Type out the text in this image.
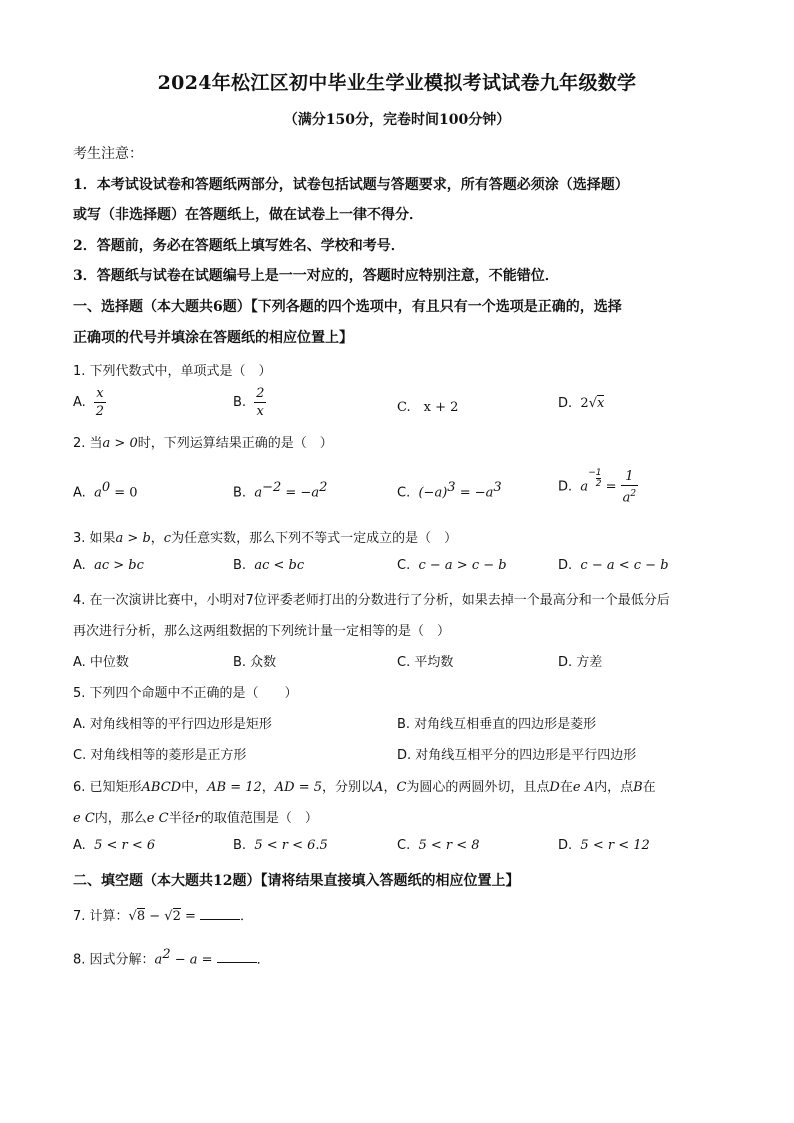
2024年松江区初中毕业生学业模拟考试试卷九年级数学
（满分150分，完卷时间100分钟）
考生注意：
1．本考试设试卷和答题纸两部分，试卷包括试题与答题要求，所有答题必须涂（选择题）
或写（非选择题）在答题纸上，做在试卷上一律不得分．
2．答题前，务必在答题纸上填写姓名、学校和考号．
3．答题纸与试卷在试题编号上是一一对应的，答题时应特别注意，不能错位．
一、选择题（本大题共6题）【下列各题的四个选项中，有且只有一个选项是正确的，选择
正确项的代号并填涂在答题纸的相应位置上】
1. 下列代数式中，单项式是（　）
A. $\frac{x}{2}$	B. $\frac{2}{x}$	C.　x + 2	D. 2√x
2. 当a > 0时，下列运算结果正确的是（　）
A. $a^0 = 0$	B. $a^{-2} = -a^2$	C. $(-a)^3 = -a^3$	D. $a- \frac{1}{2} = \frac{1}{a^2}$
3. 如果a > b，c为任意实数，那么下列不等式一定成立的是（　）
A. ac > bc	B. ac < bc	C. c − a > c − b	D. c − a < c − b
4. 在一次演讲比赛中，小明对7位评委老师打出的分数进行了分析，如果去掉一个最高分和一个最低分后
再次进行分析，那么这两组数据的下列统计量一定相等的是（　）
A. 中位数	B. 众数	C. 平均数	D. 方差
5. 下列四个命题中不正确的是（　　）
A. 对角线相等的平行四边形是矩形	B. 对角线互相垂直的四边形是菱形
C. 对角线相等的菱形是正方形	D. 对角线互相平分的四边形是平行四边形
6. 已知矩形ABCD中，AB = 12，AD = 5，分别以A，C为圆心的两圆外切，且点D在e A内，点B在
e C内，那么e C半径r的取值范围是（　）
A. 5 < r < 6	B. 5 < r < 6.5	C. 5 < r < 8	D. 5 < r < 12
二、填空题（本大题共12题）【请将结果直接填入答题纸的相应位置上】
7. 计算：√8 − √2 =	．
8. 因式分解：$a^2 - a$ =	．
